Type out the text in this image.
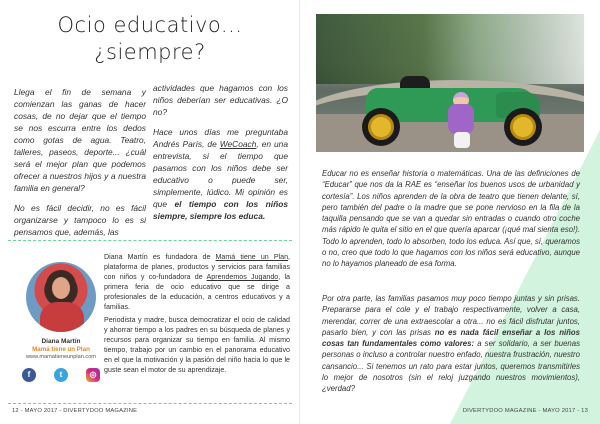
Ocio educativo...
¿siempre?

Llega el fin de semana y comienzan las ganas de hacer cosas, de no dejar que el tiempo se nos escurra entre los dedos como gotas de agua. Teatro, talleres, paseos, deporte... ¿cuál será el mejor plan que podemos ofrecer a nuestros hijos y a nuestra familia en general?

No es fácil decidir, no es fácil organizarse y tampoco lo es si pensamos que, además, las

actividades que hagamos con los niños deberían ser educativas. ¿O no?

Hace unos días me preguntaba Andrés París, de WeCoach, en una entrevista, si el tiempo que pasamos con los niños debe ser educativo o puede ser, simplemente, lúdico. Mi opinión es que el tiempo con los niños siempre, siempre los educa.

Diana Martín
Mamá tiene un Plan
www.mamatieneunplan.com
f	t	◎

Diana Martín es fundadora de Mamá tiene un Plan, plataforma de planes, productos y servicios para familias con niños y co-fundadora de Aprendemos Jugando, la primera feria de ocio educativo que se dirige a profesionales de la educación, a centros educativos y a familias.

Periodista y madre, busca democratizar el ocio de calidad y ahorrar tiempo a los padres en su búsqueda de planes y recursos para organizar su tiempo en familia. Al mismo tiempo, trabajo por un cambio en el panorama educativo en el que la motivación y la pasión del niño hacia lo que le guste sean el motor de su aprendizaje.

12 - MAYO 2017 - DIVERTYDOO MAGAZINE
Educar no es enseñar historia o matemáticas. Una de las definiciones de “Educar” que nos da la RAE es “enseñar los buenos usos de urbanidad y cortesía”. Los niños aprenden de la obra de teatro que tienen delante, sí, pero también del padre o la madre que se pone nervioso en la fila de la taquilla pensando que se van a quedar sin entradas o cuando otro coche más rápido le quita el sitio en el que quería aparcar (¡qué mal sienta eso!). Todo lo aprenden, todo lo absorben, todo los educa. Así que, sí, queramos o no, creo que todo lo que hagamos con los niños será educativo, aunque no lo hayamos planeado de esa forma.
Por otra parte, las familias pasamos muy poco tiempo juntas y sin prisas. Prepararse para el cole y el trabajo respectivamente, volver a casa, merendar, correr de una extraescolar a otra... no es fácil disfrutar juntos, pasarlo bien, y con las prisas no es nada fácil enseñar a los niños cosas tan fundamentales como valores: a ser solidario, a ser buenas personas o incluso a controlar nuestro enfado, nuestra frustración, nuestro cansancio... Si tenemos un rato para estar juntos, queremos transmitirles lo mejor de nosotros (sin el reloj juzgando nuestros movimientos), ¿verdad?
DIVERTYDOO MAGAZINE - MAYO 2017 - 13
